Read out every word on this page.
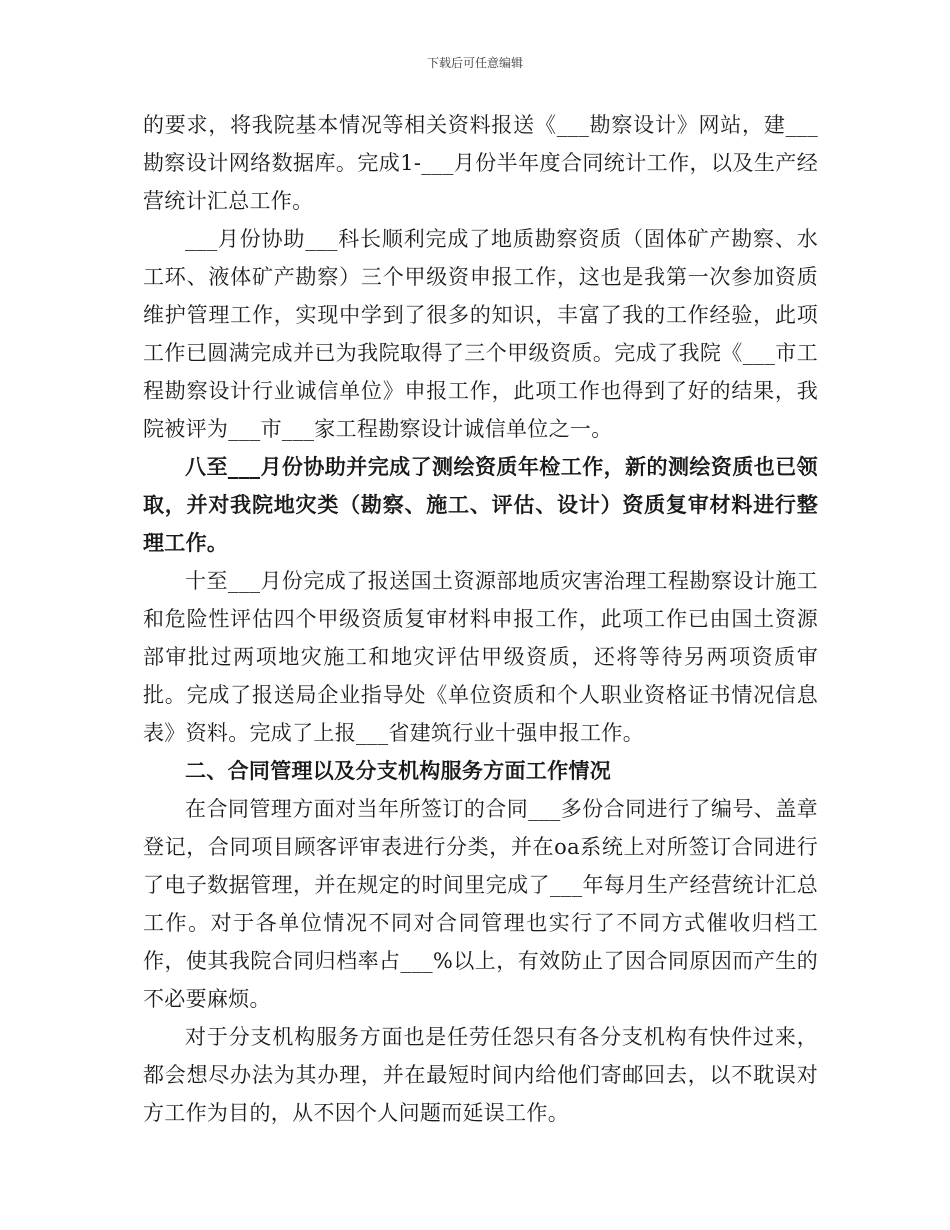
下载后可任意编辑

的要求，将我院基本情况等相关资料报送《___勘察设计》网站，建___勘察设计网络数据库。完成1-___月份半年度合同统计工作，以及生产经营统计汇总工作。

___月份协助___科长顺利完成了地质勘察资质（固体矿产勘察、水工环、液体矿产勘察）三个甲级资申报工作，这也是我第一次参加资质维护管理工作，实现中学到了很多的知识，丰富了我的工作经验，此项工作已圆满完成并已为我院取得了三个甲级资质。完成了我院《___市工程勘察设计行业诚信单位》申报工作，此项工作也得到了好的结果，我院被评为___市___家工程勘察设计诚信单位之一。

八至___月份协助并完成了测绘资质年检工作，新的测绘资质也已领取，并对我院地灾类（勘察、施工、评估、设计）资质复审材料进行整理工作。

十至___月份完成了报送国土资源部地质灾害治理工程勘察设计施工和危险性评估四个甲级资质复审材料申报工作，此项工作已由国土资源部审批过两项地灾施工和地灾评估甲级资质，还将等待另两项资质审批。完成了报送局企业指导处《单位资质和个人职业资格证书情况信息表》资料。完成了上报___省建筑行业十强申报工作。

二、合同管理以及分支机构服务方面工作情况

在合同管理方面对当年所签订的合同___多份合同进行了编号、盖章登记，合同项目顾客评审表进行分类，并在oa系统上对所签订合同进行了电子数据管理，并在规定的时间里完成了___年每月生产经营统计汇总工作。对于各单位情况不同对合同管理也实行了不同方式催收归档工作，使其我院合同归档率占___%以上，有效防止了因合同原因而产生的不必要麻烦。

对于分支机构服务方面也是任劳任怨只有各分支机构有快件过来，都会想尽办法为其办理，并在最短时间内给他们寄邮回去，以不耽误对方工作为目的，从不因个人问题而延误工作。
